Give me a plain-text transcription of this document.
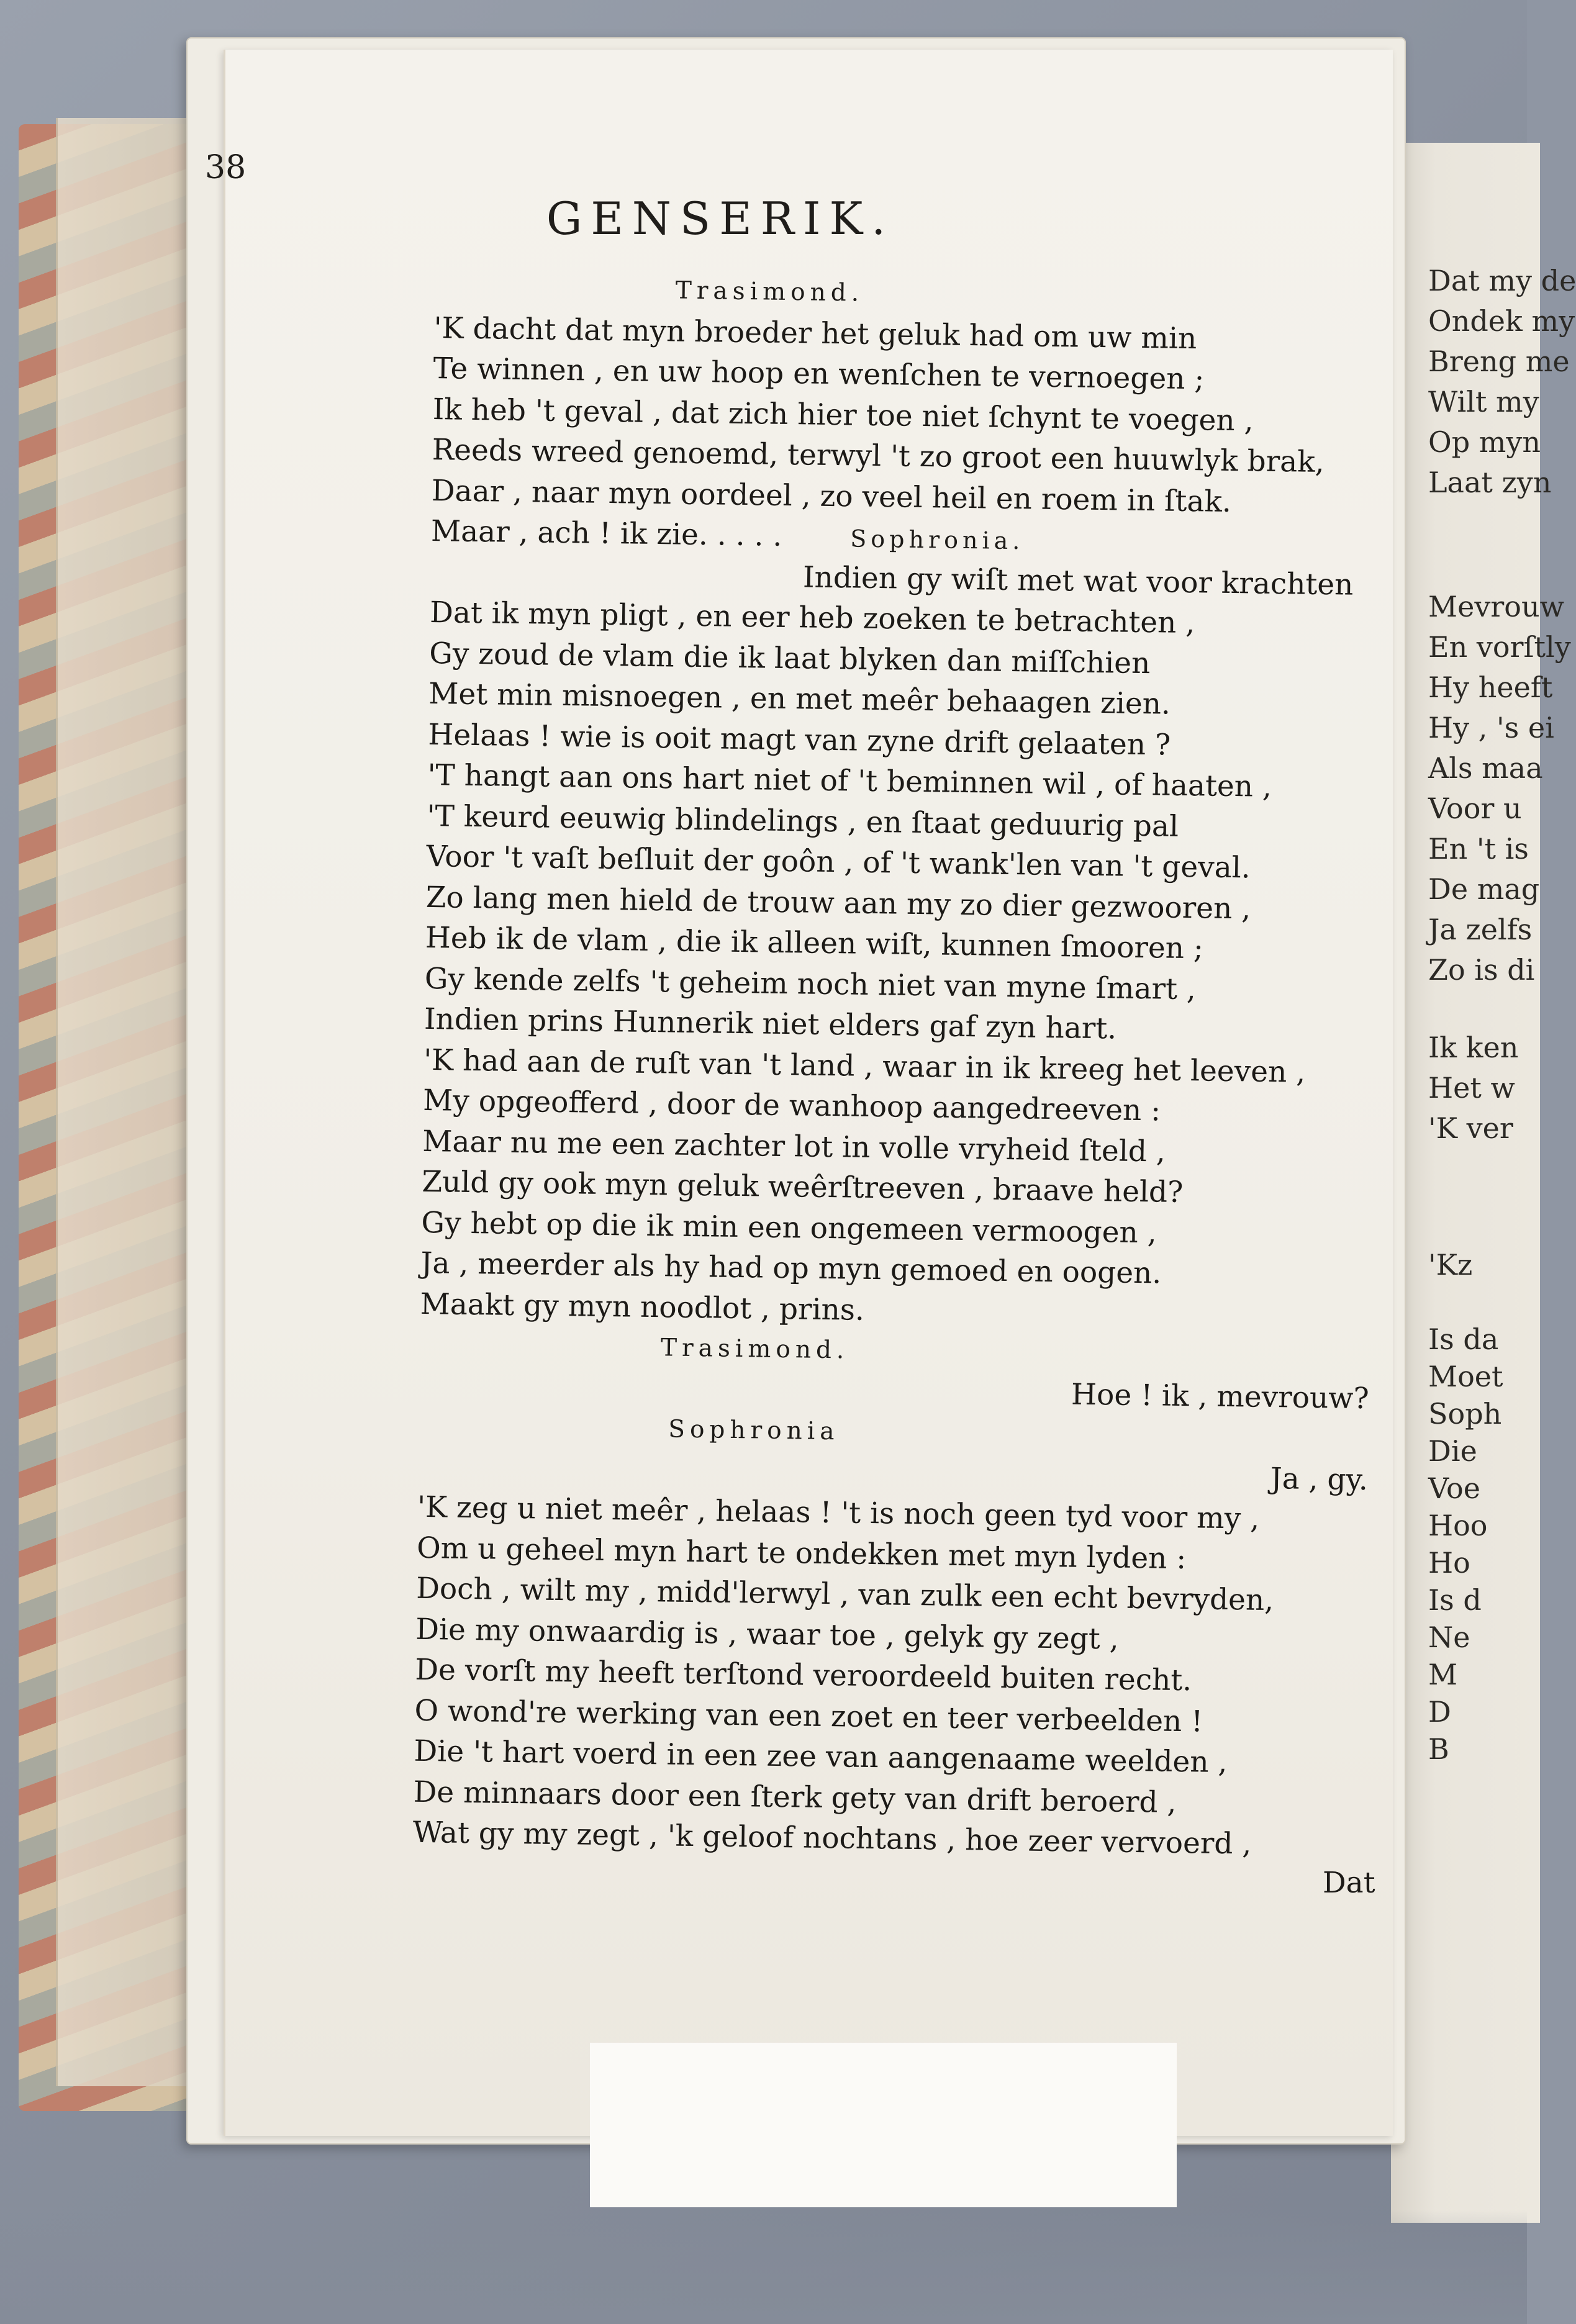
Dat my de
Ondek my
Breng me
Wilt my
Op myn
Laat zyn
Mevrouw
En vorſtly
Hy heeft
Hy , 's ei
Als maa
Voor u
En 't is
De mag
Ja zelfs
Zo is di
Ik ken
Het w
'K ver
'Kz
Is da
Moet
Soph
Die
Voe
Hoo
Ho
Is d
Ne
M
D
B
38
GENSERIK.
Trasimond.
'K dacht dat myn broeder het geluk had om uw min
Te winnen , en uw hoop en wenſchen te vernoegen ;
Ik heb 't geval , dat zich hier toe niet ſchynt te voegen ,
Reeds wreed genoemd, terwyl 't zo groot een huuwlyk brak,
Daar , naar myn oordeel , zo veel heil en roem in ſtak.
Maar , ach ! ik zie. . . . .	Sophronia.
Indien gy wiſt met wat voor krachten
Dat ik myn pligt , en eer heb zoeken te betrachten ,
Gy zoud de vlam die ik laat blyken dan miſſchien
Met min misnoegen , en met meêr behaagen zien.
Helaas ! wie is ooit magt van zyne drift gelaaten ?
'T hangt aan ons hart niet of 't beminnen wil , of haaten ,
'T keurd eeuwig blindelings , en ſtaat geduurig pal
Voor 't vaſt beſluit der goôn , of 't wank'len van 't geval.
Zo lang men hield de trouw aan my zo dier gezwooren ,
Heb ik de vlam , die ik alleen wiſt, kunnen ſmooren ;
Gy kende zelfs 't geheim noch niet van myne ſmart ,
Indien prins Hunnerik niet elders gaf zyn hart.
'K had aan de ruſt van 't land , waar in ik kreeg het leeven ,
My opgeofferd , door de wanhoop aangedreeven :
Maar nu me een zachter lot in volle vryheid ſteld ,
Zuld gy ook myn geluk weêrſtreeven , braave held?
Gy hebt op die ik min een ongemeen vermoogen ,
Ja , meerder als hy had op myn gemoed en oogen.
Maakt gy myn noodlot , prins.
Trasimond.
Hoe ! ik , mevrouw?
Sophronia
Ja , gy.
'K zeg u niet meêr , helaas ! 't is noch geen tyd voor my ,
Om u geheel myn hart te ondekken met myn lyden :
Doch , wilt my , midd'lerwyl , van zulk een echt bevryden,
Die my onwaardig is , waar toe , gelyk gy zegt ,
De vorſt my heeft terſtond veroordeeld buiten recht.
O wond're werking van een zoet en teer verbeelden !
Die 't hart voerd in een zee van aangenaame weelden ,
De minnaars door een ſterk gety van drift beroerd ,
Wat gy my zegt , 'k geloof nochtans , hoe zeer vervoerd ,
Dat
